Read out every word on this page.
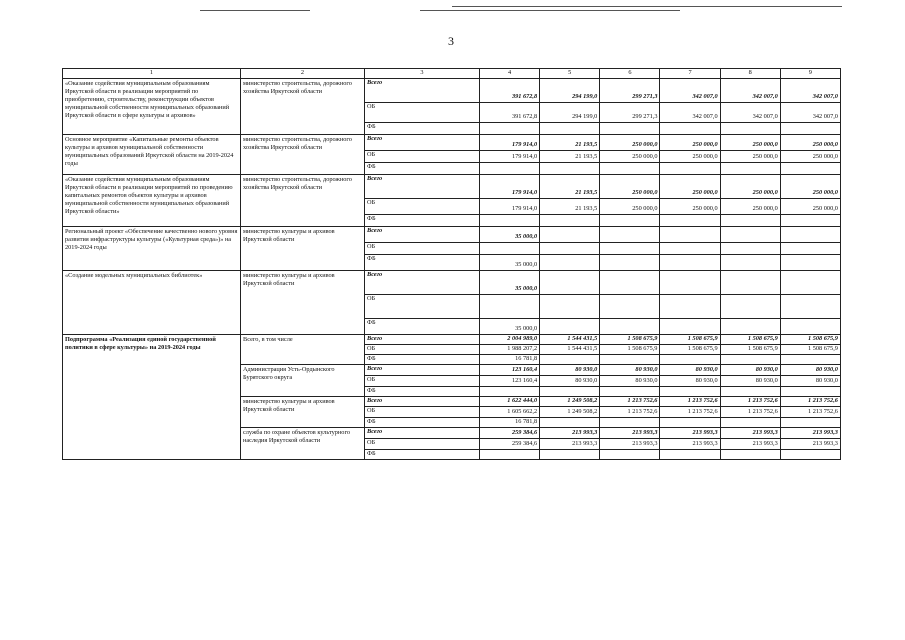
3
1	2	3	4	5	6	7	8	9
«Оказание содействия муниципальным образованиям Иркутской области в реализации мероприятий по приобретению, строительству, реконструкции объектов муниципальной собственности муниципальных образований Иркутской области в сфере культуры и архивов»	министерство строительства, дорожного хозяйства Иркутской области	Всего	391 672,8	294 199,0	299 271,3	342 007,0	342 007,0	342 007,0
		ОБ	391 672,8	294 199,0	299 271,3	342 007,0	342 007,0	342 007,0
		ФБ						
Основное мероприятие «Капитальные ремонты объектов культуры и архивов муниципальной собственности муниципальных образований Иркутской области на 2019-2024 годы	министерство строительства, дорожного хозяйства Иркутской области	Всего	179 914,0	21 193,5	250 000,0	250 000,0	250 000,0	250 000,0
		ОБ	179 914,0	21 193,5	250 000,0	250 000,0	250 000,0	250 000,0
		ФБ						
«Оказание содействия муниципальным образованиям Иркутской области в реализации мероприятий по проведению капитальных ремонтов объектов культуры и архивов муниципальной собственности муниципальных образований Иркутской области»	министерство строительства, дорожного хозяйства Иркутской области	Всего	179 914,0	21 193,5	250 000,0	250 000,0	250 000,0	250 000,0
		ОБ	179 914,0	21 193,5	250 000,0	250 000,0	250 000,0	250 000,0
		ФБ						
Региональный проект «Обеспечение качественно нового уровня развития инфраструктуры культуры («Культурная среда»)» на 2019-2024 годы	министерство культуры и архивов Иркутской области	Всего	35 000,0					
		ОБ						
		ФБ	35 000,0					
«Создание модельных муниципальных библиотек»	министерство культуры и архивов Иркутской области	Всего	35 000,0					
		ОБ						
		ФБ	35 000,0					
Подпрограмма «Реализация единой государственной политики в сфере культуры» на 2019-2024 годы	Всего, в том числе	Всего	2 004 989,0	1 544 431,5	1 508 675,9	1 508 675,9	1 508 675,9	1 508 675,9
		ОБ	1 988 207,2	1 544 431,5	1 508 675,9	1 508 675,9	1 508 675,9	1 508 675,9
		ФБ	16 781,8					
	Администрация Усть-Ордынского Бурятского округа	Всего	123 160,4	80 930,0	80 930,0	80 930,0	80 930,0	80 930,0
		ОБ	123 160,4	80 930,0	80 930,0	80 930,0	80 930,0	80 930,0
		ФБ						
	министерство культуры и архивов Иркутской области	Всего	1 622 444,0	1 249 508,2	1 213 752,6	1 213 752,6	1 213 752,6	1 213 752,6
		ОБ	1 605 662,2	1 249 508,2	1 213 752,6	1 213 752,6	1 213 752,6	1 213 752,6
		ФБ	16 781,8					
	служба по охране объектов культурного наследия Иркутской области	Всего	259 384,6	213 993,3	213 993,3	213 993,3	213 993,3	213 993,3
		ОБ	259 384,6	213 993,3	213 993,3	213 993,3	213 993,3	213 993,3
		ФБ						
